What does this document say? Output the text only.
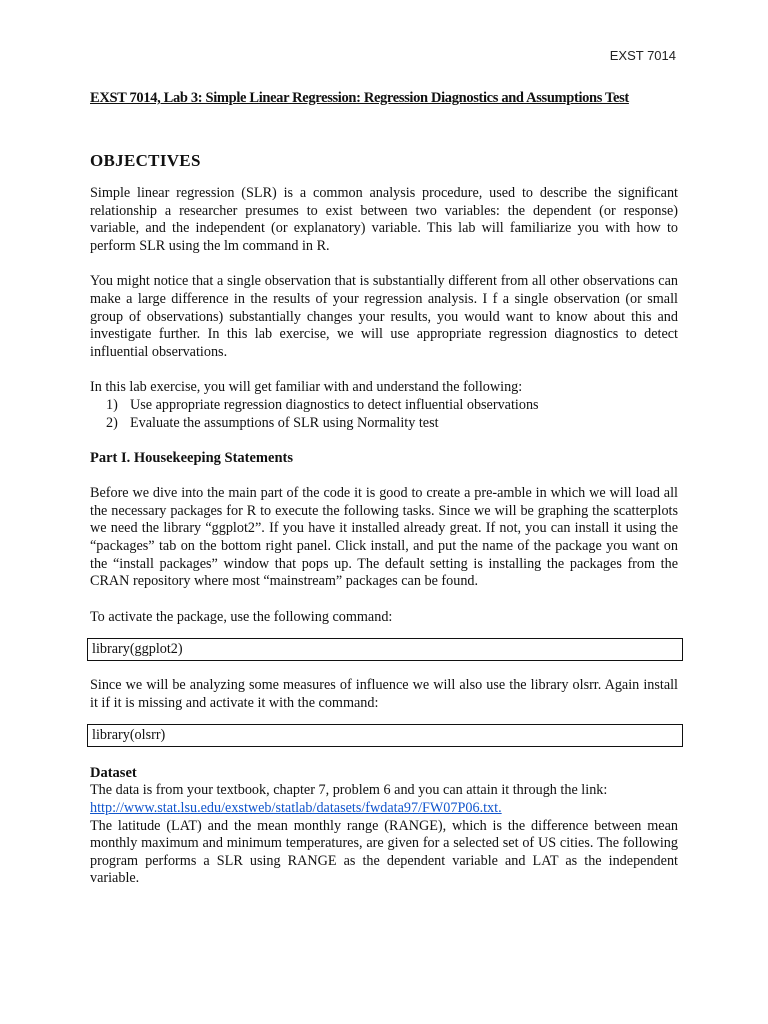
EXST 7014
EXST 7014, Lab 3: Simple Linear Regression: Regression Diagnostics and Assumptions Test
OBJECTIVES

Simple linear regression (SLR) is a common analysis procedure, used to describe the significant relationship a researcher presumes to exist between two variables: the dependent (or response) variable, and the independent (or explanatory) variable. This lab will familiarize you with how to perform SLR using the lm command in R.

You might notice that a single observation that is substantially different from all other observations can make a large difference in the results of your regression analysis. I f a single observation (or small group of observations) substantially changes your results, you would want to know about this and investigate further. In this lab exercise, we will use appropriate regression diagnostics to detect influential observations.

In this lab exercise, you will get familiar with and understand the following:

1) Use appropriate regression diagnostics to detect influential observations
2) Evaluate the assumptions of SLR using Normality test
Part I. Housekeeping Statements

Before we dive into the main part of the code it is good to create a pre-amble in which we will load all the necessary packages for R to execute the following tasks. Since we will be graphing the scatterplots we need the library “ggplot2”. If you have it installed already great. If not, you can install it using the “packages” tab on the bottom right panel. Click install, and put the name of the package you want on the “install packages” window that pops up. The default setting is installing the packages from the CRAN repository where most “mainstream” packages can be found.

To activate the package, use the following command:

library(ggplot2)

Since we will be analyzing some measures of influence we will also use the library olsrr. Again install it if it is missing and activate it with the command:

library(olsrr)
Dataset

The data is from your textbook, chapter 7, problem 6 and you can attain it through the link:

http://www.stat.lsu.edu/exstweb/statlab/datasets/fwdata97/FW07P06.txt.

The latitude (LAT) and the mean monthly range (RANGE), which is the difference between mean monthly maximum and minimum temperatures, are given for a selected set of US cities. The following program performs a SLR using RANGE as the dependent variable and LAT as the independent variable.
